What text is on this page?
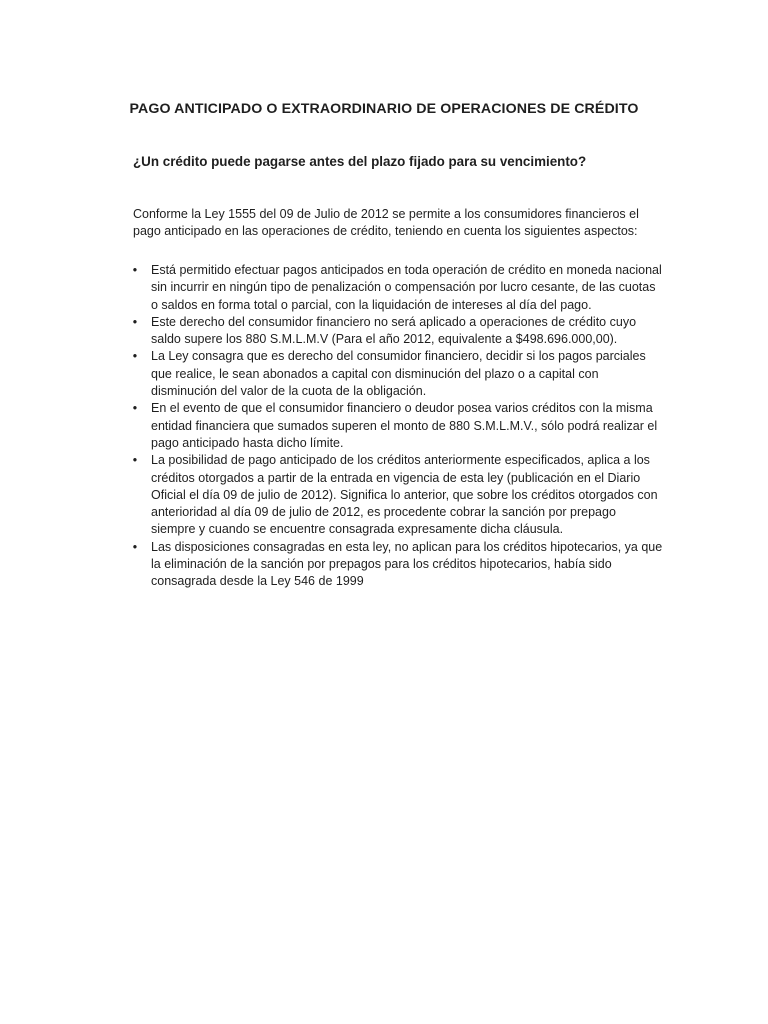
PAGO ANTICIPADO O EXTRAORDINARIO DE OPERACIONES DE CRÉDITO

¿Un crédito puede pagarse antes del plazo fijado para su vencimiento?

Conforme la Ley 1555 del 09 de Julio de 2012 se permite a los consumidores financieros el pago anticipado en las operaciones de crédito, teniendo en cuenta los siguientes aspectos:

• Está permitido efectuar pagos anticipados en toda operación de crédito en moneda nacional sin incurrir en ningún tipo de penalización o compensación por lucro cesante, de las cuotas o saldos en forma total o parcial, con la liquidación de intereses al día del pago.
• Este derecho del consumidor financiero no será aplicado a operaciones de crédito cuyo saldo supere los 880 S.M.L.M.V (Para el año 2012, equivalente a $498.696.000,00).
• La Ley consagra que es derecho del consumidor financiero, decidir si los pagos parciales que realice, le sean abonados a capital con disminución del plazo o a capital con disminución del valor de la cuota de la obligación.
• En el evento de que el consumidor financiero o deudor posea varios créditos con la misma entidad financiera que sumados superen el monto de 880 S.M.L.M.V., sólo podrá realizar el pago anticipado hasta dicho límite.
• La posibilidad de pago anticipado de los créditos anteriormente especificados, aplica a los créditos otorgados a partir de la entrada en vigencia de esta ley (publicación en el Diario Oficial el día 09 de julio de 2012). Significa lo anterior, que sobre los créditos otorgados con anterioridad al día 09 de julio de 2012, es procedente cobrar la sanción por prepago siempre y cuando se encuentre consagrada expresamente dicha cláusula.
• Las disposiciones consagradas en esta ley, no aplican para los créditos hipotecarios, ya que la eliminación de la sanción por prepagos para los créditos hipotecarios, había sido consagrada desde la Ley 546 de 1999
